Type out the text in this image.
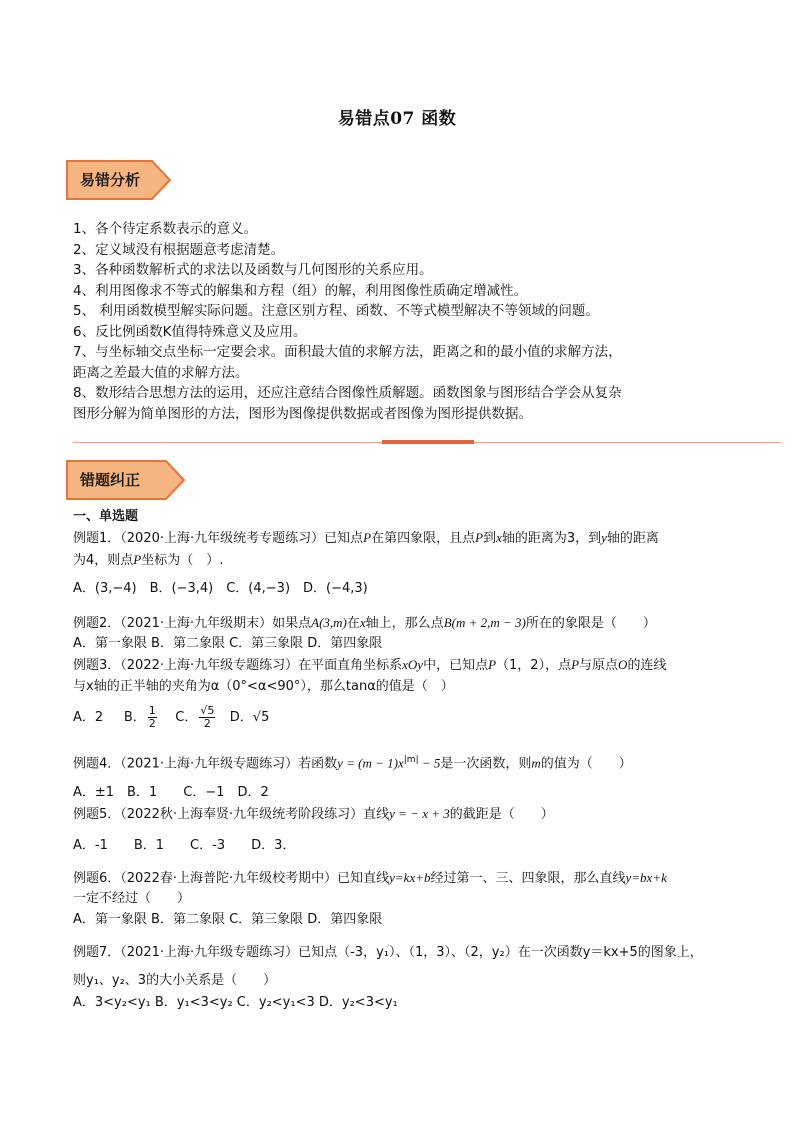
易错点07 函数
易错分析
1、各个待定系数表示的意义。
2、定义域没有根据题意考虑清楚。
3、各种函数解析式的求法以及函数与几何图形的关系应用。
4、利用图像求不等式的解集和方程（组）的解，利用图像性质确定增减性。
5、 利用函数模型解实际问题。注意区别方程、函数、不等式模型解决不等领域的问题。
6、反比例函数K值得特殊意义及应用。
7、与坐标轴交点坐标一定要会求。面积最大值的求解方法，距离之和的最小值的求解方法，
距离之差最大值的求解方法。
8、数形结合思想方法的运用，还应注意结合图像性质解题。函数图象与图形结合学会从复杂
图形分解为简单图形的方法，图形为图像提供数据或者图像为图形提供数据。
错题纠正
一、单选题
例题1．（2020·上海·九年级统考专题练习）已知点P在第四象限，且点P到x轴的距离为3，到y轴的距离
为4，则点P坐标为（　）.
A．(3,−4)　B．(−3,4)　C．(4,−3)　D．(−4,3)
例题2．（2021·上海·九年级期末）如果点A(3,m)在x轴上，那么点B(m + 2,m − 3)所在的象限是（　　）
A．第一象限 B．第二象限 C．第三象限 D．第四象限
例题3．（2022·上海·九年级专题练习）在平面直角坐标系xOy中，已知点P（1，2），点P与原点O的连线
与x轴的正半轴的夹角为α（0°<α<90°），那么tanα的值是（　）
A．2 B． $\frac{1}{2}$ C． $\frac{√5}{2}$ D．√5
例题4．（2021·上海·九年级专题练习）若函数$y = (m - 1)x^{|m|} - 5$是一次函数，则m的值为（　　）
A．±1　B．1　　C．−1　D．2
例题5．（2022秋·上海奉贤·九年级统考阶段练习）直线y = − x + 3的截距是（　　）
A．-1　　B．1　　C．-3　　D．3．
例题6．（2022春·上海普陀·九年级校考期中）已知直线y=kx+b经过第一、三、四象限，那么直线y=bx+k
一定不经过（　　）
A．第一象限 B．第二象限 C．第三象限 D．第四象限
例题7．（2021·上海·九年级专题练习）已知点（-3，y₁）、（1，3）、（2，y₂）在一次函数y＝kx+5的图象上，
则y₁、y₂、3的大小关系是（　　）
A．3<y₂<y₁ B．y₁<3<y₂ C．y₂<y₁<3 D．y₂<3<y₁
